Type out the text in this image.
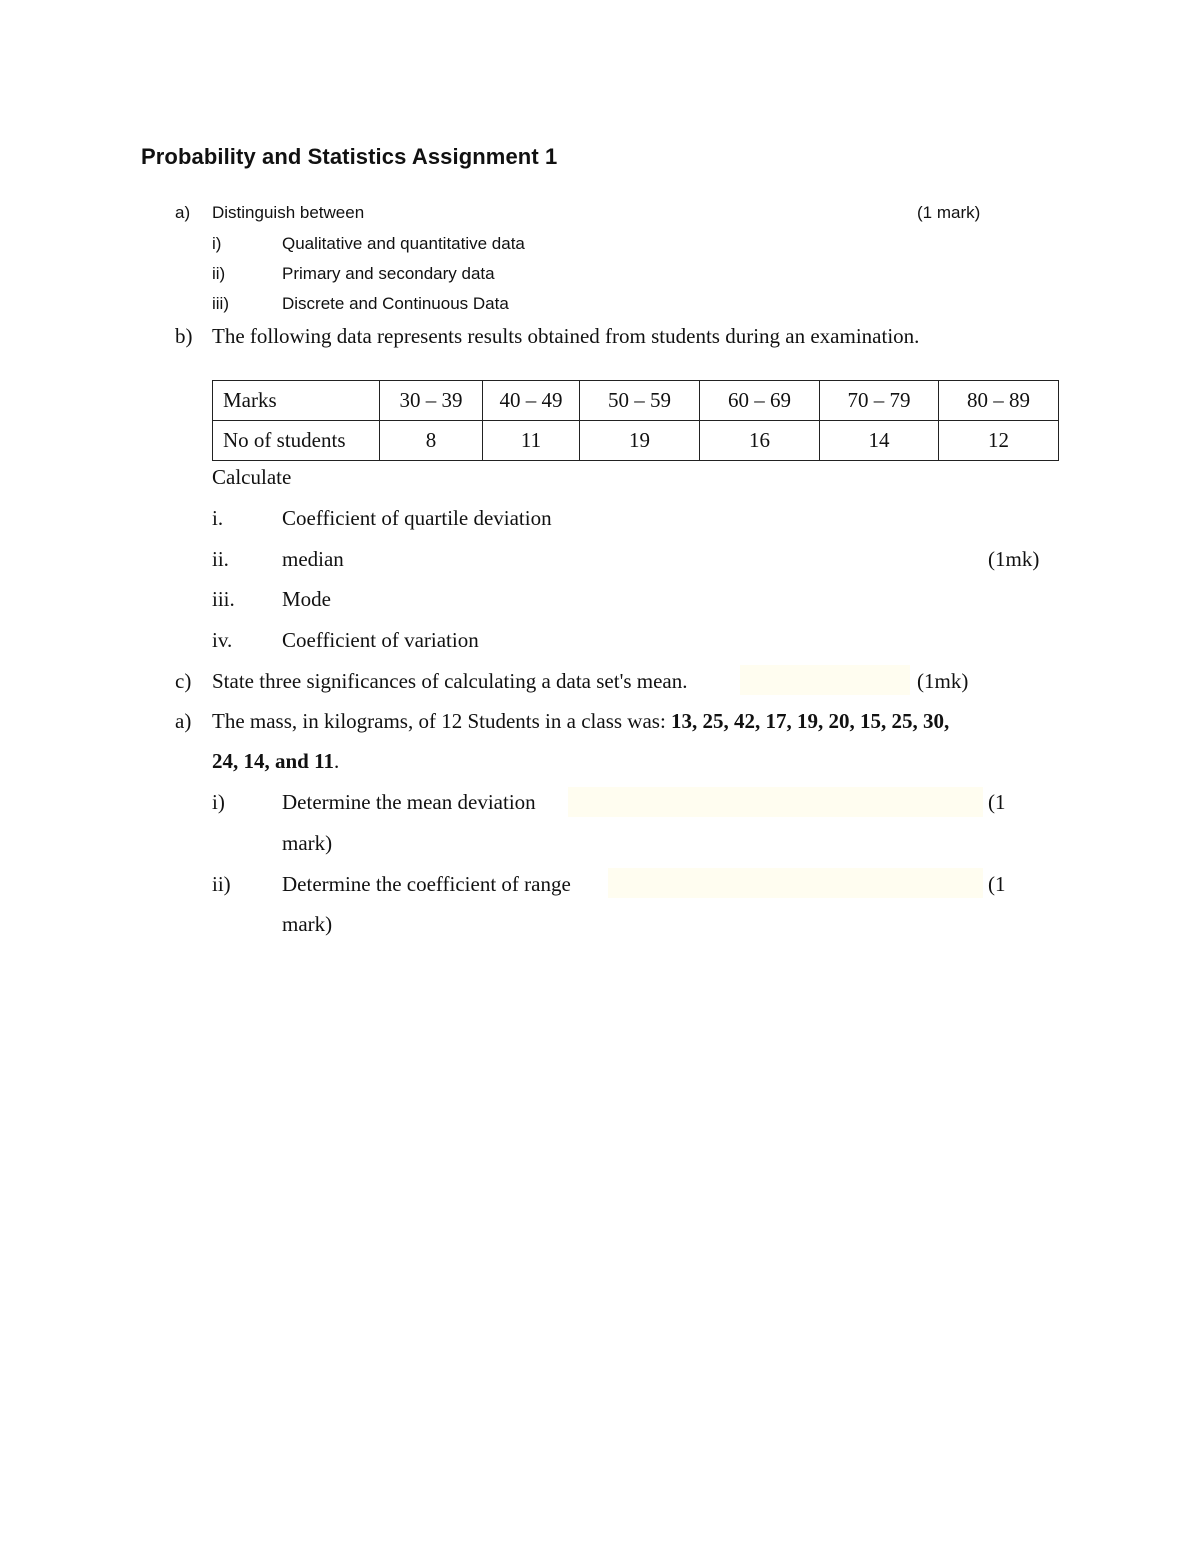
Probability and Statistics Assignment 1
a) Distinguish between	(1 mark)
i)	Qualitative and quantitative data
ii)	Primary and secondary data
iii)	Discrete and Continuous Data
b) The following data represents results obtained from students during an examination.
Marks	30 – 39	40 – 49	50 – 59	60 – 69	70 – 79	80 – 89
No of students	8	11	19	16	14	12
Calculate
i.	Coefficient of quartile deviation
ii.	median	(1mk)
iii. Mode
iv. Coefficient of variation
c) State three significances of calculating a data set's mean.	(1mk)
a) The mass, in kilograms, of 12 Students in a class was: 13, 25, 42, 17, 19, 20, 15, 25, 30,
24, 14, and 11.
i)	Determine the mean deviation	(1
mark)
ii) Determine the coefficient of range	(1
mark)
